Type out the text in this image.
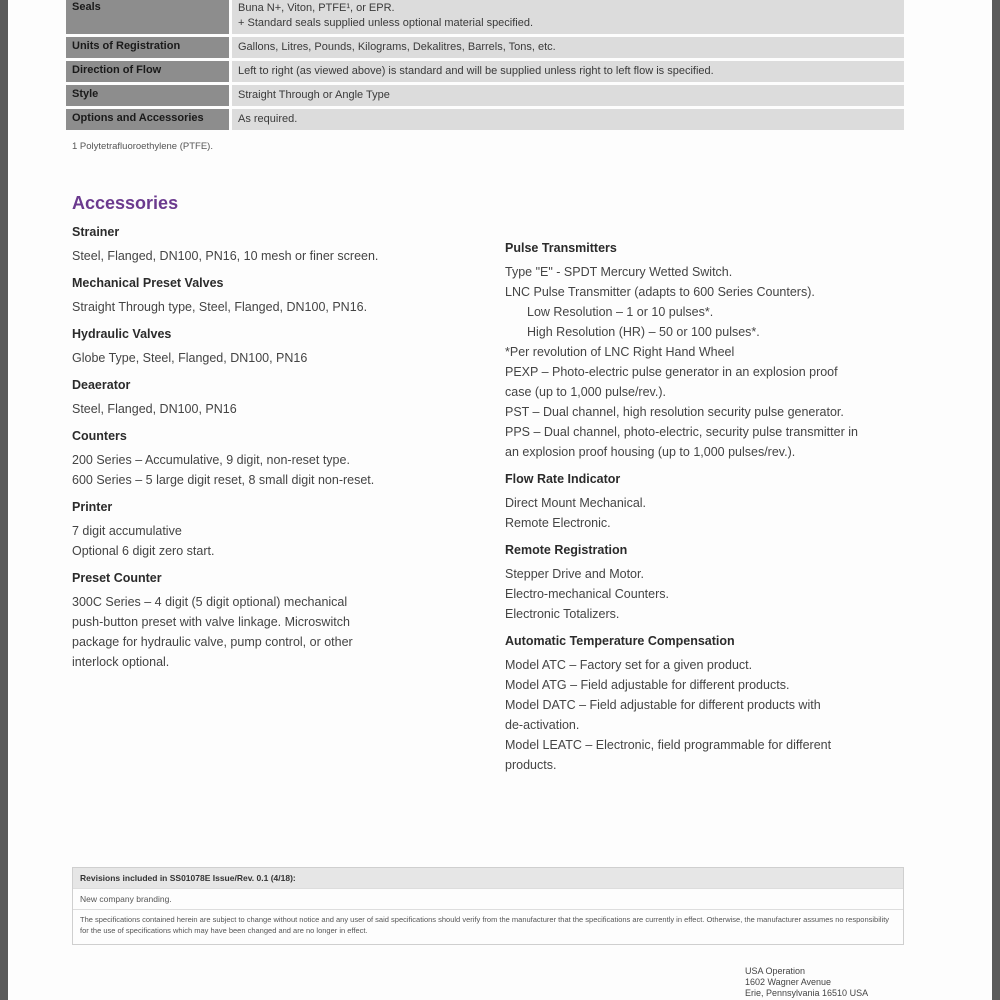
Seals	Buna N+, Viton, PTFE¹, or EPR.
+ Standard seals supplied unless optional material specified.
Units of Registration	Gallons, Litres, Pounds, Kilograms, Dekalitres, Barrels, Tons, etc.
Direction of Flow	Left to right (as viewed above) is standard and will be supplied unless right to left flow is specified.
Style	Straight Through or Angle Type
Options and Accessories	As required.
1 Polytetrafluoroethylene (PTFE).
Accessories
Strainer
Steel, Flanged, DN100, PN16, 10 mesh or finer screen.
Mechanical Preset Valves
Straight Through type, Steel, Flanged, DN100, PN16.
Hydraulic Valves
Globe Type, Steel, Flanged, DN100, PN16
Deaerator
Steel, Flanged, DN100, PN16
Counters
200 Series – Accumulative, 9 digit, non-reset type.
600 Series – 5 large digit reset, 8 small digit non-reset.
Printer
7 digit accumulative
Optional 6 digit zero start.
Preset Counter
300C Series – 4 digit (5 digit optional) mechanical
push-button preset with valve linkage. Microswitch
package for hydraulic valve, pump control, or other
interlock optional.
Pulse Transmitters
Type "E" - SPDT Mercury Wetted Switch.
LNC Pulse Transmitter (adapts to 600 Series Counters).
Low Resolution – 1 or 10 pulses*.
High Resolution (HR) – 50 or 100 pulses*.
*Per revolution of LNC Right Hand Wheel
PEXP – Photo-electric pulse generator in an explosion proof
case (up to 1,000 pulse/rev.).
PST – Dual channel, high resolution security pulse generator.
PPS – Dual channel, photo-electric, security pulse transmitter in
an explosion proof housing (up to 1,000 pulses/rev.).
Flow Rate Indicator
Direct Mount Mechanical.
Remote Electronic.
Remote Registration
Stepper Drive and Motor.
Electro-mechanical Counters.
Electronic Totalizers.
Automatic Temperature Compensation
Model ATC – Factory set for a given product.
Model ATG – Field adjustable for different products.
Model DATC – Field adjustable for different products with
de-activation.
Model LEATC – Electronic, field programmable for different
products.
Revisions included in SS01078E Issue/Rev. 0.1 (4/18):
New company branding.
The specifications contained herein are subject to change without notice and any user of said specifications should verify from the manufacturer that the specifications are currently in effect. Otherwise, the manufacturer assumes no responsibility for the use of specifications which may have been changed and are no longer in effect.
USA Operation
1602 Wagner Avenue
Erie, Pennsylvania 16510 USA
